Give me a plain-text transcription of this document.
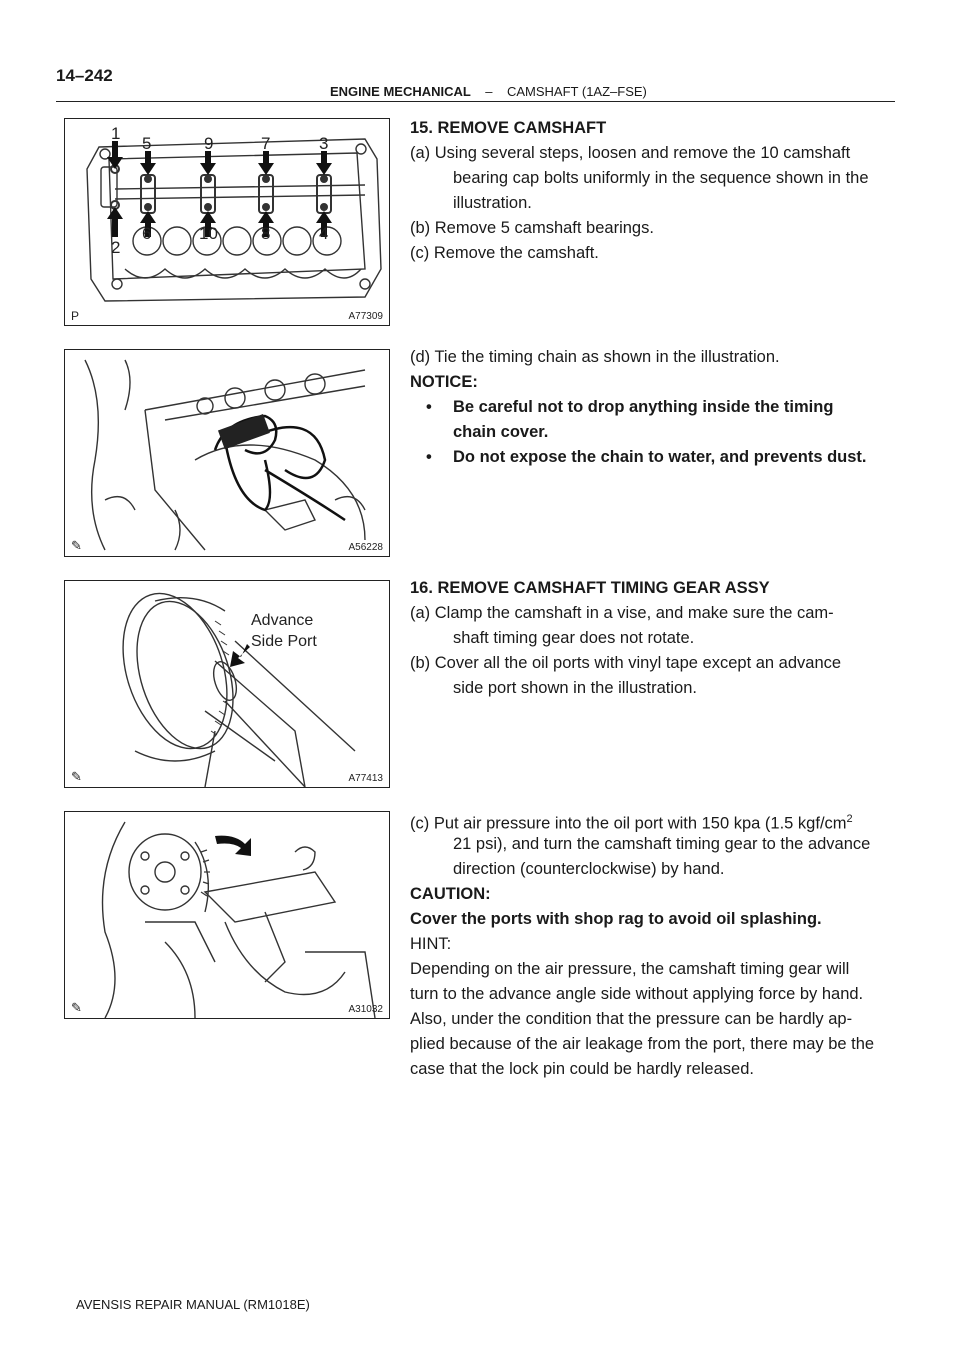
14–242
ENGINE MECHANICAL – CAMSHAFT (1AZ–FSE)
1
5	9	7	3
2
6	10	8	4
P	A77309
✎	A56228
✎
Advance
Side Port
A77413
✎	A31032
15. REMOVE CAMSHAFT
(a) Using several steps, loosen and remove the 10 camshaft
bearing cap bolts uniformly in the sequence shown in the
illustration.
(b) Remove 5 camshaft bearings.
(c) Remove the camshaft.
(d) Tie the timing chain as shown in the illustration.
NOTICE:
• Be careful not to drop anything inside the timing
chain cover.
• Do not expose the chain to water, and prevents dust.
16. REMOVE CAMSHAFT TIMING GEAR ASSY
(a) Clamp the camshaft in a vise, and make sure the cam-
shaft timing gear does not rotate.
(b) Cover all the oil ports with vinyl tape except an advance
side port shown in the illustration.
(c) Put air pressure into the oil port with 150 kpa (1.5 kgf/$cm^2$
21 psi), and turn the camshaft timing gear to the advance
direction (counterclockwise) by hand.
CAUTION:
Cover the ports with shop rag to avoid oil splashing.
HINT:
Depending on the air pressure, the camshaft timing gear will
turn to the advance angle side without applying force by hand.
Also, under the condition that the pressure can be hardly ap-
plied because of the air leakage from the port, there may be the
case that the lock pin could be hardly released.
AVENSIS REPAIR MANUAL (RM1018E)
